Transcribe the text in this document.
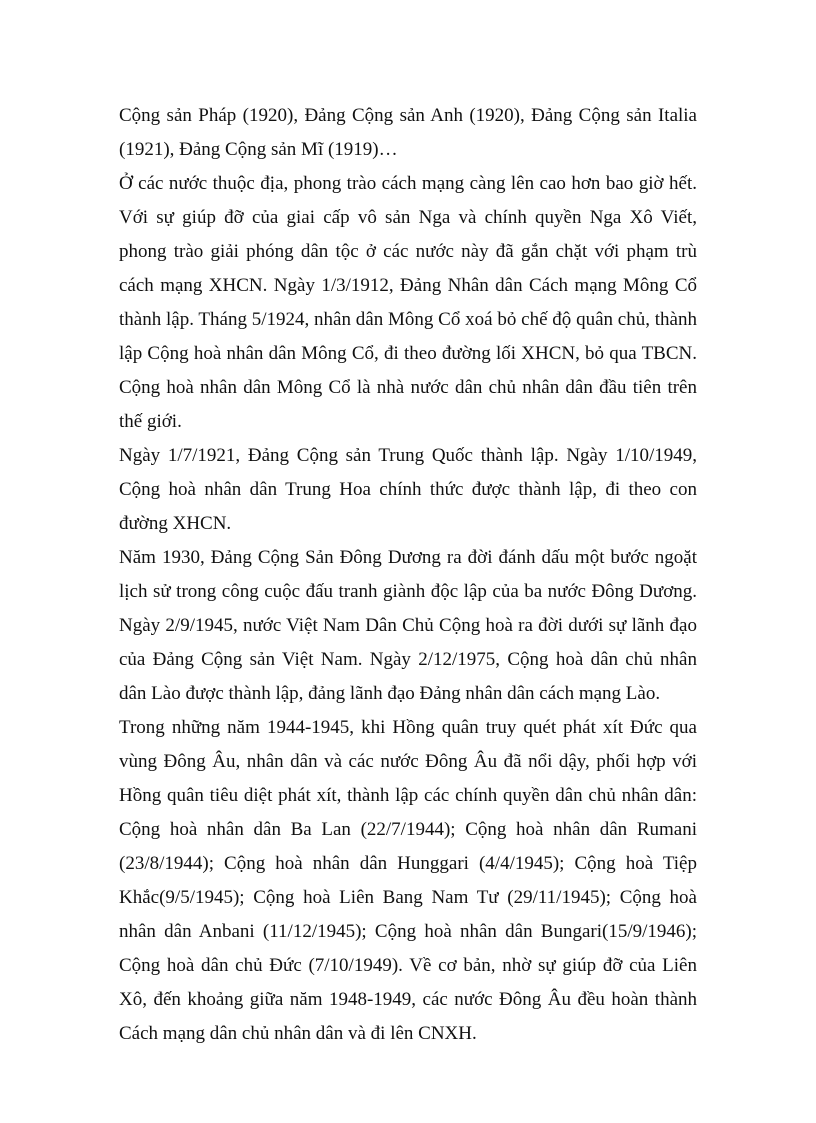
Cộng sản Pháp (1920), Đảng Cộng sản Anh (1920), Đảng Cộng sản Italia (1921), Đảng Cộng sản Mĩ (1919)…

Ở các nước thuộc địa, phong trào cách mạng càng lên cao hơn bao giờ hết. Với sự giúp đỡ của giai cấp vô sản Nga và chính quyền Nga Xô Viết, phong trào giải phóng dân tộc ở các nước này đã gắn chặt với phạm trù cách mạng XHCN. Ngày 1/3/1912, Đảng Nhân dân Cách mạng Mông Cổ thành lập. Tháng 5/1924, nhân dân Mông Cổ xoá bỏ chế độ quân chủ, thành lập Cộng hoà nhân dân Mông Cổ, đi theo đường lối XHCN, bỏ qua TBCN. Cộng hoà nhân dân Mông Cổ là nhà nước dân chủ nhân dân đầu tiên trên thế giới.

Ngày 1/7/1921, Đảng Cộng sản Trung Quốc thành lập. Ngày 1/10/1949, Cộng hoà nhân dân Trung Hoa chính thức được thành lập, đi theo con đường XHCN.

Năm 1930, Đảng Cộng Sản Đông Dương ra đời đánh dấu một bước ngoặt lịch sử trong công cuộc đấu tranh giành độc lập của ba nước Đông Dương. Ngày 2/9/1945, nước Việt Nam Dân Chủ Cộng hoà ra đời dưới sự lãnh đạo của Đảng Cộng sản Việt Nam. Ngày 2/12/1975, Cộng hoà dân chủ nhân dân Lào được thành lập, đảng lãnh đạo Đảng nhân dân cách mạng Lào.

Trong những năm 1944-1945, khi Hồng quân truy quét phát xít Đức qua vùng Đông Âu, nhân dân và các nước Đông Âu đã nổi dậy, phối hợp với Hồng quân tiêu diệt phát xít, thành lập các chính quyền dân chủ nhân dân: Cộng hoà nhân dân Ba Lan (22/7/1944); Cộng hoà nhân dân Rumani (23/8/1944); Cộng hoà nhân dân Hunggari (4/4/1945); Cộng hoà Tiệp Khắc(9/5/1945); Cộng hoà Liên Bang Nam Tư (29/11/1945); Cộng hoà nhân dân Anbani (11/12/1945); Cộng hoà nhân dân Bungari(15/9/1946); Cộng hoà dân chủ Đức (7/10/1949). Về cơ bản, nhờ sự giúp đỡ của Liên Xô, đến khoảng giữa năm 1948-1949, các nước Đông Âu đều hoàn thành Cách mạng dân chủ nhân dân và đi lên CNXH.
